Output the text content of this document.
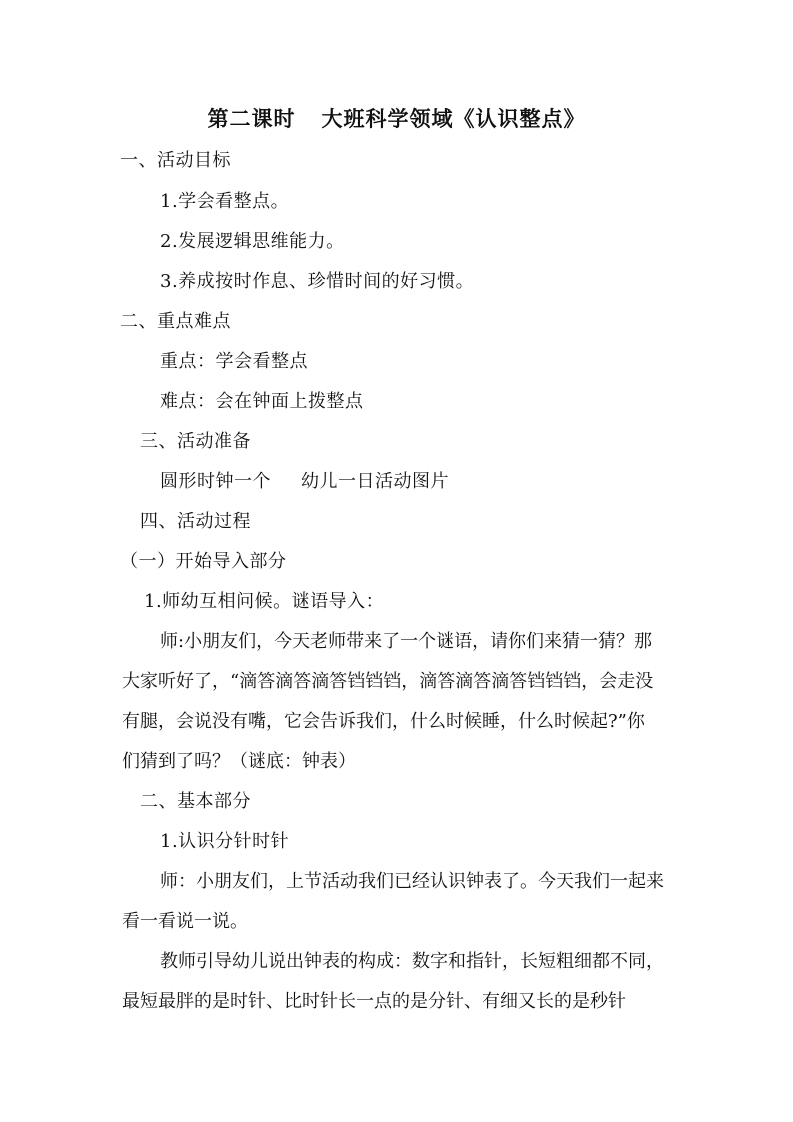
第二课时 大班科学领域《认识整点》
一、活动目标
1.学会看整点。
2.发展逻辑思维能力。
3.养成按时作息、珍惜时间的好习惯。
二、重点难点
重点：学会看整点
难点：会在钟面上拨整点
三、活动准备
圆形时钟一个 幼儿一日活动图片
四、活动过程
（一）开始导入部分
1.师幼互相问候。谜语导入：
师:小朋友们，今天老师带来了一个谜语，请你们来猜一猜？那
大家听好了，“滴答滴答滴答铛铛铛，滴答滴答滴答铛铛铛，会走没
有腿，会说没有嘴，它会告诉我们，什么时候睡，什么时候起?”你
们猜到了吗？（谜底：钟表）
二、基本部分
1.认识分针时针
师：小朋友们，上节活动我们已经认识钟表了。今天我们一起来
看一看说一说。
教师引导幼儿说出钟表的构成：数字和指针，长短粗细都不同，
最短最胖的是时针、比时针长一点的是分针、有细又长的是秒针
